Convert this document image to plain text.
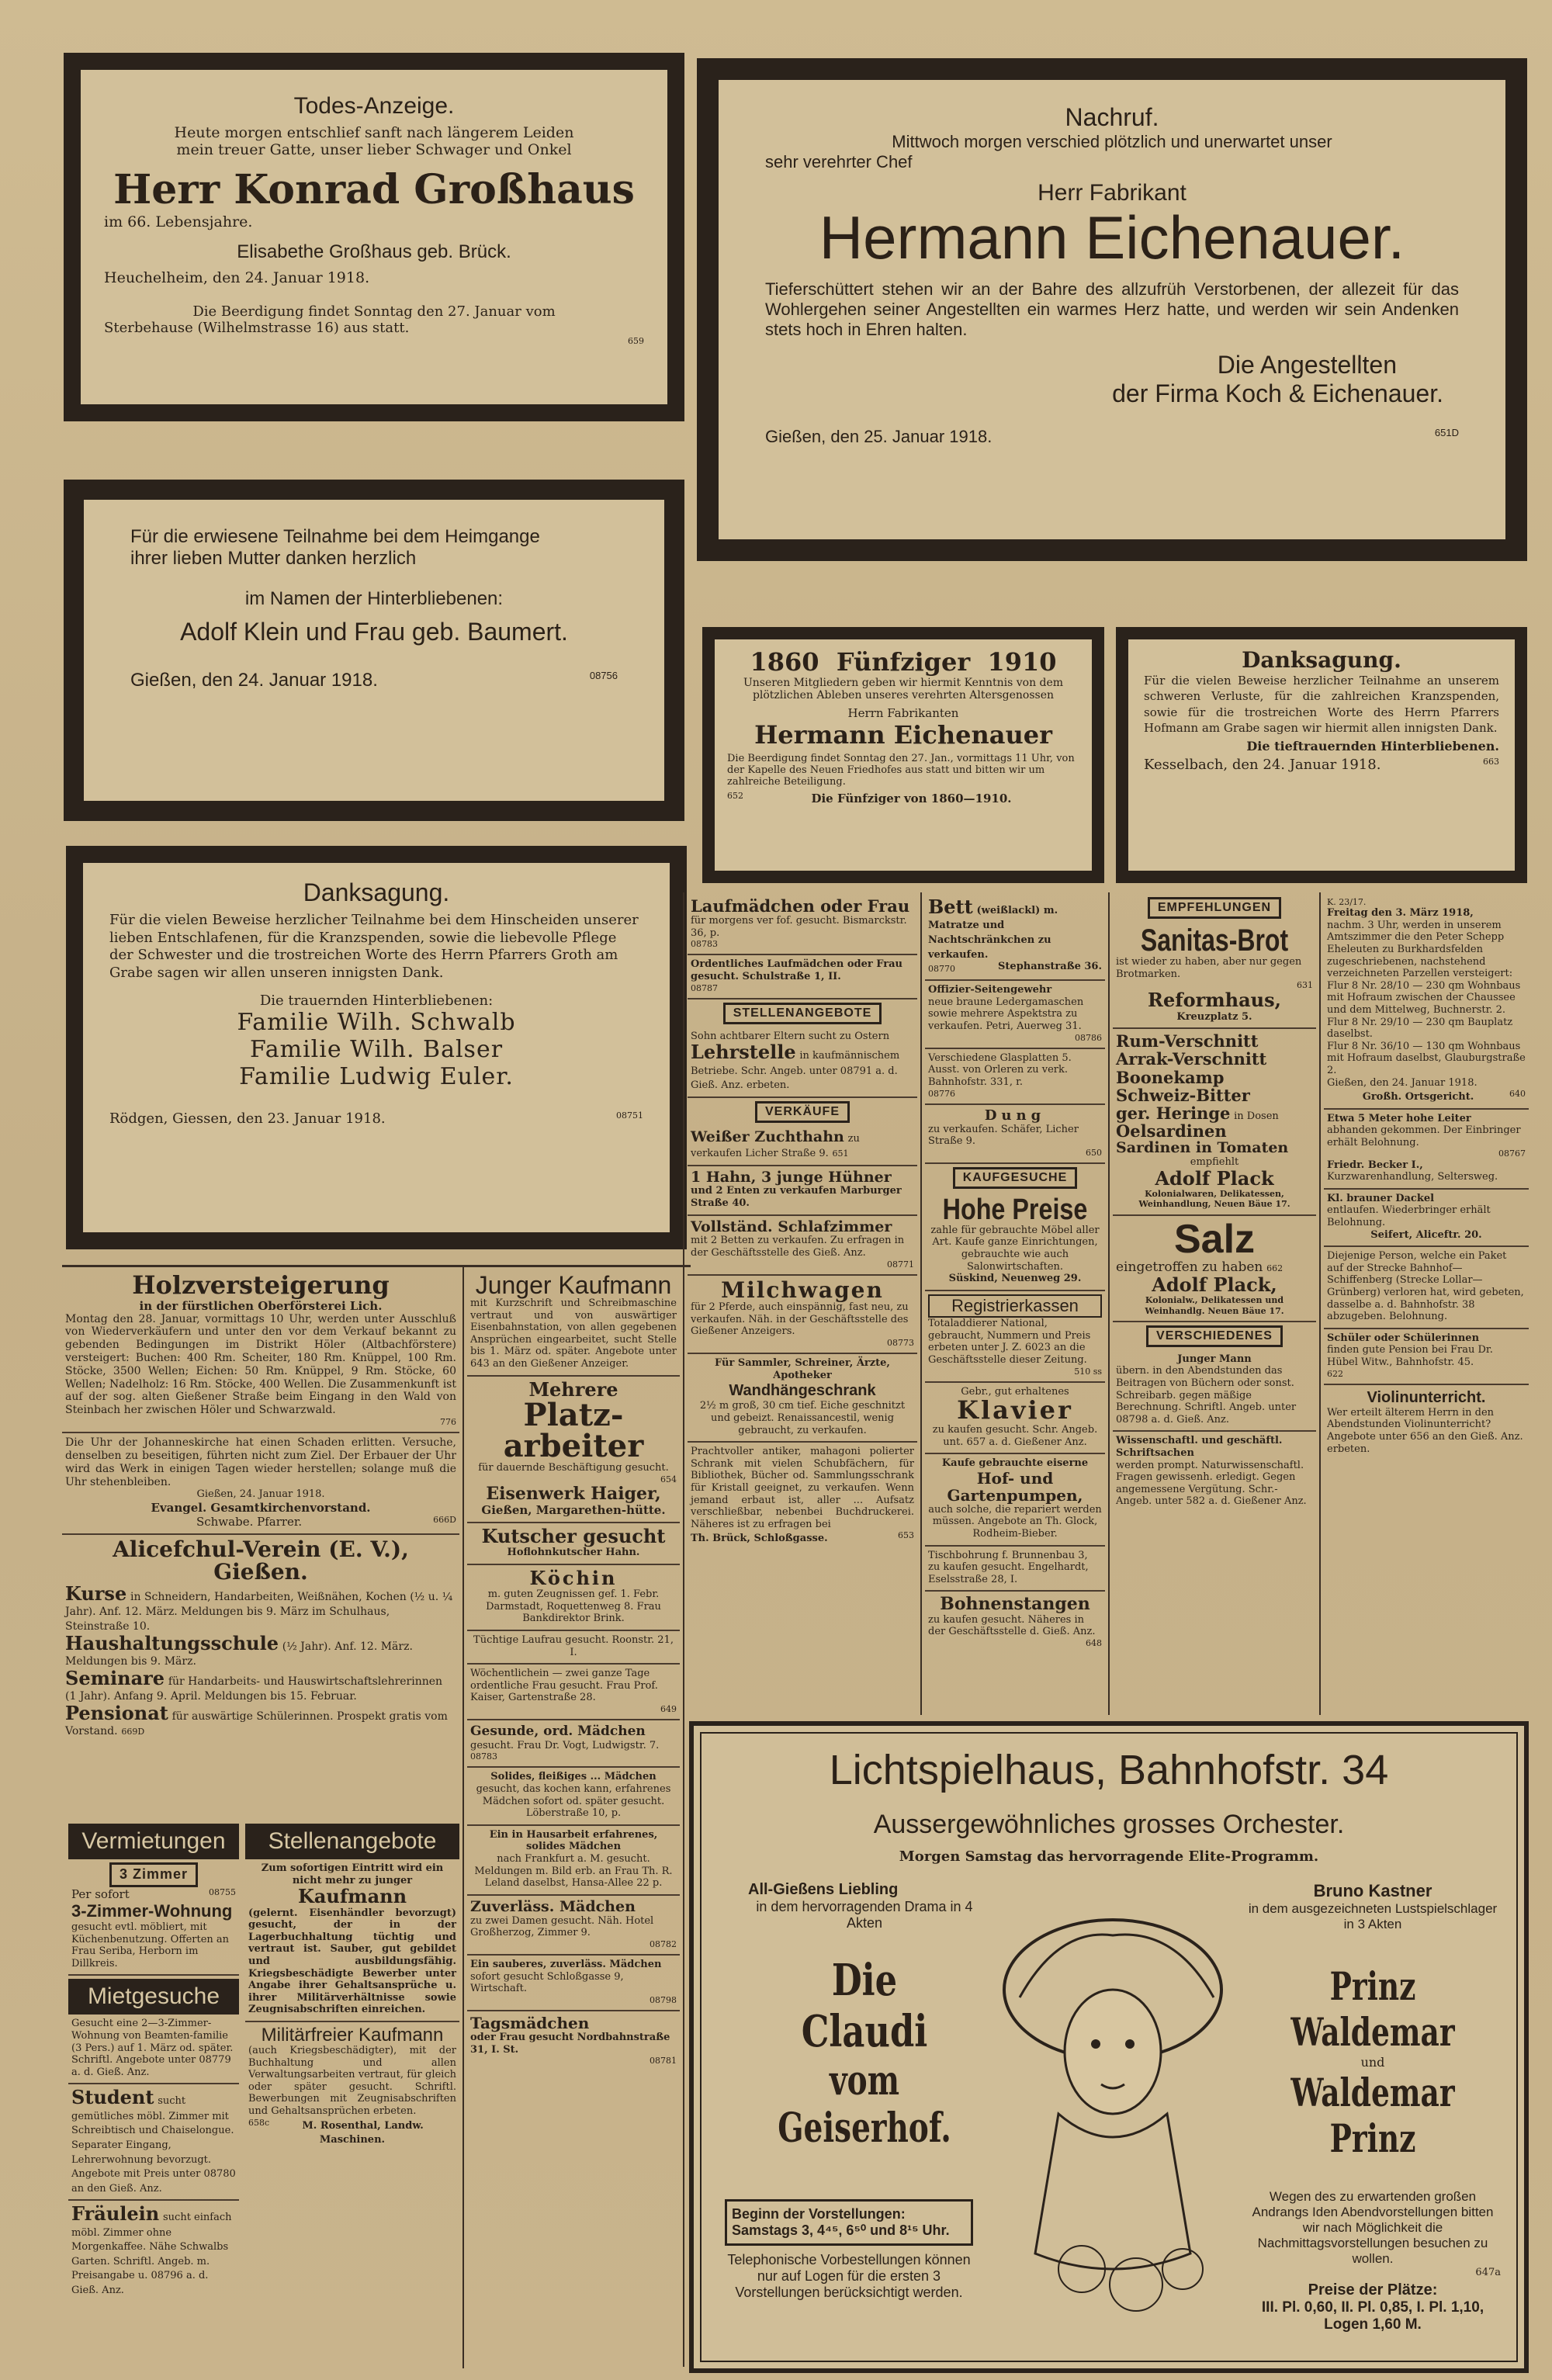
Todes-Anzeige.
Heute morgen entschlief sanft nach längerem Leiden
mein treuer Gatte, unser lieber Schwager und Onkel
Herr Konrad Großhaus
im 66. Lebensjahre.
Elisabethe Großhaus geb. Brück.
Heuchelheim, den 24. Januar 1918.
Die Beerdigung findet Sonntag den 27. Januar vom
Sterbehause (Wilhelmstrasse 16) aus statt.
659
Nachruf.
Mittwoch morgen verschied plötzlich und unerwartet unser
sehr verehrter Chef
Herr Fabrikant
Hermann Eichenauer.
Tieferschüttert stehen wir an der Bahre des allzufrüh Verstorbenen, der allezeit für das Wohlergehen seiner Angestellten ein warmes Herz hatte, und werden wir sein Andenken stets hoch in Ehren halten.
Die Angestellten
der Firma Koch & Eichenauer.
Gießen, den 25. Januar 1918.	651D
Für die erwiesene Teilnahme bei dem Heimgange
ihrer lieben Mutter danken herzlich
im Namen der Hinterbliebenen:
Adolf Klein und Frau geb. Baumert.
Gießen, den 24. Januar 1918.	08756	1860  Fünfziger  1910
Unseren Mitgliedern geben wir hiermit Kenntnis von dem plötzlichen Ableben unseres verehrten Altersgenossen
Herrn Fabrikanten
Hermann Eichenauer
Die Beerdigung findet Sonntag den 27. Jan., vormittags 11 Uhr, von der Kapelle des Neuen Friedhofes aus statt und bitten wir um zahlreiche Beteiligung.
652	Die Fünfziger von 1860—1910.
Danksagung.
Für die vielen Beweise herzlicher Teilnahme an unserem schweren Verluste, für die zahlreichen Kranzspenden, sowie für die trostreichen Worte des Herrn Pfarrers Hofmann am Grabe sagen wir hiermit allen innigsten Dank.
Die tieftrauernden Hinterbliebenen.
Kesselbach, den 24. Januar 1918.	663
Danksagung.
Für die vielen Beweise herzlicher Teilnahme bei dem Hinscheiden unserer lieben Entschlafenen, für die Kranzspenden, sowie die liebevolle Pflege der Schwester und die trostreichen Worte des Herrn Pfarrers Groth am Grabe sagen wir allen unseren innigsten Dank.
Die trauernden Hinterbliebenen:
Familie Wilh. Schwalb
Familie Wilh. Balser
Familie Ludwig Euler.
Rödgen, Giessen, den 23. Januar 1918.	08751
Holzversteigerung
in der fürstlichen Oberförsterei Lich.
Montag den 28. Januar, vormittags 10 Uhr, werden unter Ausschluß von Wiederverkäufern und unter den vor dem Verkauf bekannt zu gebenden Bedingungen im Distrikt Höler (Altbachförstere) versteigert: Buchen: 400 Rm. Scheiter, 180 Rm. Knüppel, 100 Rm. Stöcke, 3500 Wellen; Eichen: 50 Rm. Knüppel, 9 Rm. Stöcke, 60 Wellen; Nadelholz: 16 Rm. Stöcke, 400 Wellen. Die Zusammenkunft ist auf der sog. alten Gießener Straße beim Eingang in den Wald von Steinbach her zwischen Höler und Schwarzwald.
776
Die Uhr der Johanneskirche hat einen Schaden erlitten. Versuche, denselben zu beseitigen, führten nicht zum Ziel. Der Erbauer der Uhr wird das Werk in einigen Tagen wieder herstellen; solange muß die Uhr stehenbleiben.
Gießen, 24. Januar 1918.
Evangel. Gesamtkirchenvorstand.
Schwabe. Pfarrer.	666D
Alicefchul-Verein (E. V.), Gießen.
Kurse in Schneidern, Handarbeiten, Weißnähen, Kochen (½ u. ¼ Jahr). Anf. 12. März. Meldungen bis 9. März im Schulhaus, Steinstraße 10.
Haushaltungsschule (½ Jahr). Anf. 12. März. Meldungen bis 9. März.
Seminare für Handarbeits- und Hauswirtschaftslehrerinnen (1 Jahr). Anfang 9. April. Meldungen bis 15. Februar.
Pensionat für auswärtige Schülerinnen. Prospekt gratis vom Vorstand. 669D
Vermietungen
3 Zimmer
Per sofort	08755
3-Zimmer-Wohnung
gesucht evtl. möbliert, mit Küchenbenutzung. Offerten an Frau Seriba, Herborn im Dillkreis.
Mietgesuche
Gesucht eine 2—3-Zimmer-Wohnung von Beamten-familie (3 Pers.) auf 1. März od. später. Schriftl. Angebote unter 08779 a. d. Gieß. Anz.
Student sucht gemütliches möbl. Zimmer mit Schreibtisch und Chaiselongue. Separater Eingang, Lehrerwohnung bevorzugt. Angebote mit Preis unter 08780 an den Gieß. Anz.
Fräulein sucht einfach möbl. Zimmer ohne Morgenkaffee. Nähe Schwalbs Garten. Schriftl. Angeb. m. Preisangabe u. 08796 a. d. Gieß. Anz.
Junger Kaufmann
mit Kurzschrift und Schreibmaschine vertraut und von auswärtiger Eisenbahnstation, von allen gegebenen Ansprüchen eingearbeitet, sucht Stelle bis 1. März od. später. Angebote unter 643 an den Gießener Anzeiger.
Mehrere
Platz-arbeiter
für dauernde Beschäftigung gesucht.
654
Eisenwerk Haiger,
Gießen, Margarethen-hütte.
Kutscher gesucht
Hoflohnkutscher Hahn.
Köchin
m. guten Zeugnissen gef. 1. Febr. Darmstadt, Roquettenweg 8. Frau Bankdirektor Brink.
Tüchtige Laufrau gesucht. Roonstr. 21, I.
Wöchentlichein — zwei ganze Tage ordentliche Frau gesucht. Frau Prof. Kaiser, Gartenstraße 28.
649
Gesunde, ord. Mädchen
gesucht. Frau Dr. Vogt, Ludwigstr. 7.
08783
Solides, fleißiges ... Mädchen
gesucht, das kochen kann, erfahrenes Mädchen sofort od. später gesucht. Löberstraße 10, p.
Ein in Hausarbeit erfahrenes, solides Mädchen
nach Frankfurt a. M. gesucht. Meldungen m. Bild erb. an Frau Th. R. Leland daselbst, Hansa-Allee 22 p.
Zuverläss. Mädchen
zu zwei Damen gesucht. Näh. Hotel Großherzog, Zimmer 9.
08782
Ein sauberes, zuverläss. Mädchen
sofort gesucht Schloßgasse 9, Wirtschaft.
08798
Tagsmädchen
oder Frau gesucht Nordbahnstraße 31, I. St.
08781
Stellenangebote
Zum sofortigen Eintritt wird ein nicht mehr zu junger
Kaufmann
(gelernt. Eisenhändler bevorzugt) gesucht, der in der Lagerbuchhaltung tüchtig und vertraut ist. Sauber, gut gebildet und ausbildungsfähig. Kriegsbeschädigte Bewerber unter Angabe ihrer Gehaltsansprüche u. ihrer Militärverhältnisse sowie Zeugnisabschriften einreichen.
Militärfreier Kaufmann
(auch Kriegsbeschädigter), mit der Buchhaltung und allen Verwaltungsarbeiten vertraut, für gleich oder später gesucht. Schriftl. Bewerbungen mit Zeugnisabschriften und Gehaltsansprüchen erbeten.
658c	M. Rosenthal, Landw. Maschinen.
Laufmädchen oder Frau
für morgens ver fof. gesucht. Bismarckstr. 36, p.
08783
Ordentliches Laufmädchen oder Frau gesucht. Schulstraße 1, II.
08787
STELLENANGEBOTE
Sohn achtbarer Eltern sucht zu Ostern
Lehrstelle in kaufmännischem Betriebe. Schr. Angeb. unter 08791 a. d. Gieß. Anz. erbeten.
VERKÄUFE
Weißer Zuchthahn zu verkaufen Licher Straße 9. 651
1 Hahn, 3 junge Hühner
und 2 Enten zu verkaufen Marburger Straße 40.
Vollständ. Schlafzimmer
mit 2 Betten zu verkaufen. Zu erfragen in der Geschäftsstelle des Gieß. Anz.
08771
Milchwagen
für 2 Pferde, auch einspännig, fast neu, zu verkaufen. Näh. in der Geschäftsstelle des Gießener Anzeigers.
08773
Für Sammler, Schreiner, Ärzte, Apotheker
Wandhängeschrank
2½ m groß, 30 cm tief. Eiche geschnitzt und gebeizt. Renaissancestil, wenig gebraucht, zu verkaufen.
Prachtvoller antiker, mahagoni polierter Schrank mit vielen Schubfächern, für Bibliothek, Bücher od. Sammlungsschrank für Kristall geeignet, zu verkaufen. Wenn jemand erbaut ist, aller ... Aufsatz verschließbar, nebenbei Buchdruckerei. Näheres ist zu erfragen bei
Th. Brück, Schloßgasse.	653
Bett (weißlackl) m. Matratze und Nachtschränkchen zu verkaufen.
08770	Stephanstraße 36.
Offizier-Seitengewehr
neue braune Ledergamaschen sowie mehrere Aspektstra zu verkaufen. Petri, Auerweg 31.
08786
Verschiedene Glasplatten 5. Ausst. von Orleren zu verk. Bahnhofstr. 331, r.
08776
Dung
zu verkaufen. Schäfer, Licher Straße 9.
650
KAUFGESUCHE
Hohe Preise
zahle für gebrauchte Möbel aller Art. Kaufe ganze Einrichtungen, gebrauchte wie auch Salonwirtschaften.
Süskind, Neuenweg 29.
Registrierkassen
Totaladdierer National, gebraucht, Nummern und Preis erbeten unter J. Z. 6023 an die Geschäftsstelle dieser Zeitung.
510 ss
Gebr., gut erhaltenes
Klavier
zu kaufen gesucht. Schr. Angeb. unt. 657 a. d. Gießener Anz.
Kaufe gebrauchte eiserne
Hof- und Gartenpumpen,
auch solche, die repariert werden müssen. Angebote an Th. Glock, Rodheim-Bieber.
Tischbohrung f. Brunnenbau 3, zu kaufen gesucht. Engelhardt, Eselsstraße 28, I.
Bohnenstangen
zu kaufen gesucht. Näheres in der Geschäftsstelle d. Gieß. Anz.
648
EMPFEHLUNGEN
Sanitas-Brot
ist wieder zu haben, aber nur gegen Brotmarken.
631
Reformhaus,
Kreuzplatz 5.
Rum-Verschnitt
Arrak-Verschnitt
Boonekamp
Schweiz-Bitter
ger. Heringe in Dosen
Oelsardinen
Sardinen in Tomaten
empfiehlt
Adolf Plack
Kolonialwaren, Delikatessen, Weinhandlung, Neuen Bäue 17.
Salz
eingetroffen zu haben 662
Adolf Plack,
Kolonialw., Delikatessen und Weinhandlg. Neuen Bäue 17.
VERSCHIEDENES
Junger Mann
übern. in den Abendstunden das Beitragen von Büchern oder sonst. Schreibarb. gegen mäßige Berechnung. Schriftl. Angeb. unter 08798 a. d. Gieß. Anz.
Wissenschaftl. und geschäftl. Schriftsachen
werden prompt. Naturwissenschaftl. Fragen gewissenh. erledigt. Gegen angemessene Vergütung. Schr.-Angeb. unter 582 a. d. Gießener Anz.
K. 23/17.
Freitag den 3. März 1918,
nachm. 3 Uhr, werden in unserem Amtszimmer die den Peter Schepp Eheleuten zu Burkhardsfelden zugeschriebenen, nachstehend verzeichneten Parzellen versteigert:
Flur 8 Nr. 28/10 — 230 qm Wohnbaus mit Hofraum zwischen der Chaussee und dem Mittelweg, Buchnerstr. 2.
Flur 8 Nr. 29/10 — 230 qm Bauplatz daselbst.
Flur 8 Nr. 36/10 — 130 qm Wohnbaus mit Hofraum daselbst, Glauburgstraße 2.
Gießen, den 24. Januar 1918.
Großh. Ortsgericht.	640
Etwa 5 Meter hohe Leiter
abhanden gekommen. Der Einbringer erhält Belohnung.
08767
Friedr. Becker I.,
Kurzwarenhandlung, Seltersweg.
Kl. brauner Dackel
entlaufen. Wiederbringer erhält Belohnung.
Seifert, Aliceftr. 20.
Diejenige Person, welche ein Paket auf der Strecke Bahnhof—Schiffenberg (Strecke Lollar—Grünberg) verloren hat, wird gebeten, dasselbe a. d. Bahnhofstr. 38 abzugeben. Belohnung.
Schüler oder Schülerinnen
finden gute Pension bei Frau Dr. Hübel Witw., Bahnhofstr. 45.
622
Violinunterricht.
Wer erteilt älterem Herrn in den Abendstunden Violinunterricht? Angebote unter 656 an den Gieß. Anz. erbeten.
Lichtspielhaus, Bahnhofstr. 34
Aussergewöhnliches grosses Orchester.
Morgen Samstag das hervorragende Elite-Programm.
All-Gießens Liebling
in dem hervorragenden Drama in 4 Akten
Die Claudi
vom Geiserhof.
Bruno Kastner
in dem ausgezeichneten Lustspielschlager in 3 Akten
Prinz Waldemar
und
Waldemar Prinz
Wegen des zu erwartenden großen Andrangs Iden Abendvorstellungen bitten wir nach Möglichkeit die Nachmittagsvorstellungen besuchen zu wollen.
647a
Preise der Plätze:
III. Pl. 0,60, II. Pl. 0,85, I. Pl. 1,10, Logen 1,60 M.
Beginn der Vorstellungen:
Samstags 3, 4⁴⁵, 6⁵⁰ und 8¹⁵ Uhr.
Telephonische Vorbestellungen können nur auf Logen für die ersten 3 Vorstellungen berücksichtigt werden.
